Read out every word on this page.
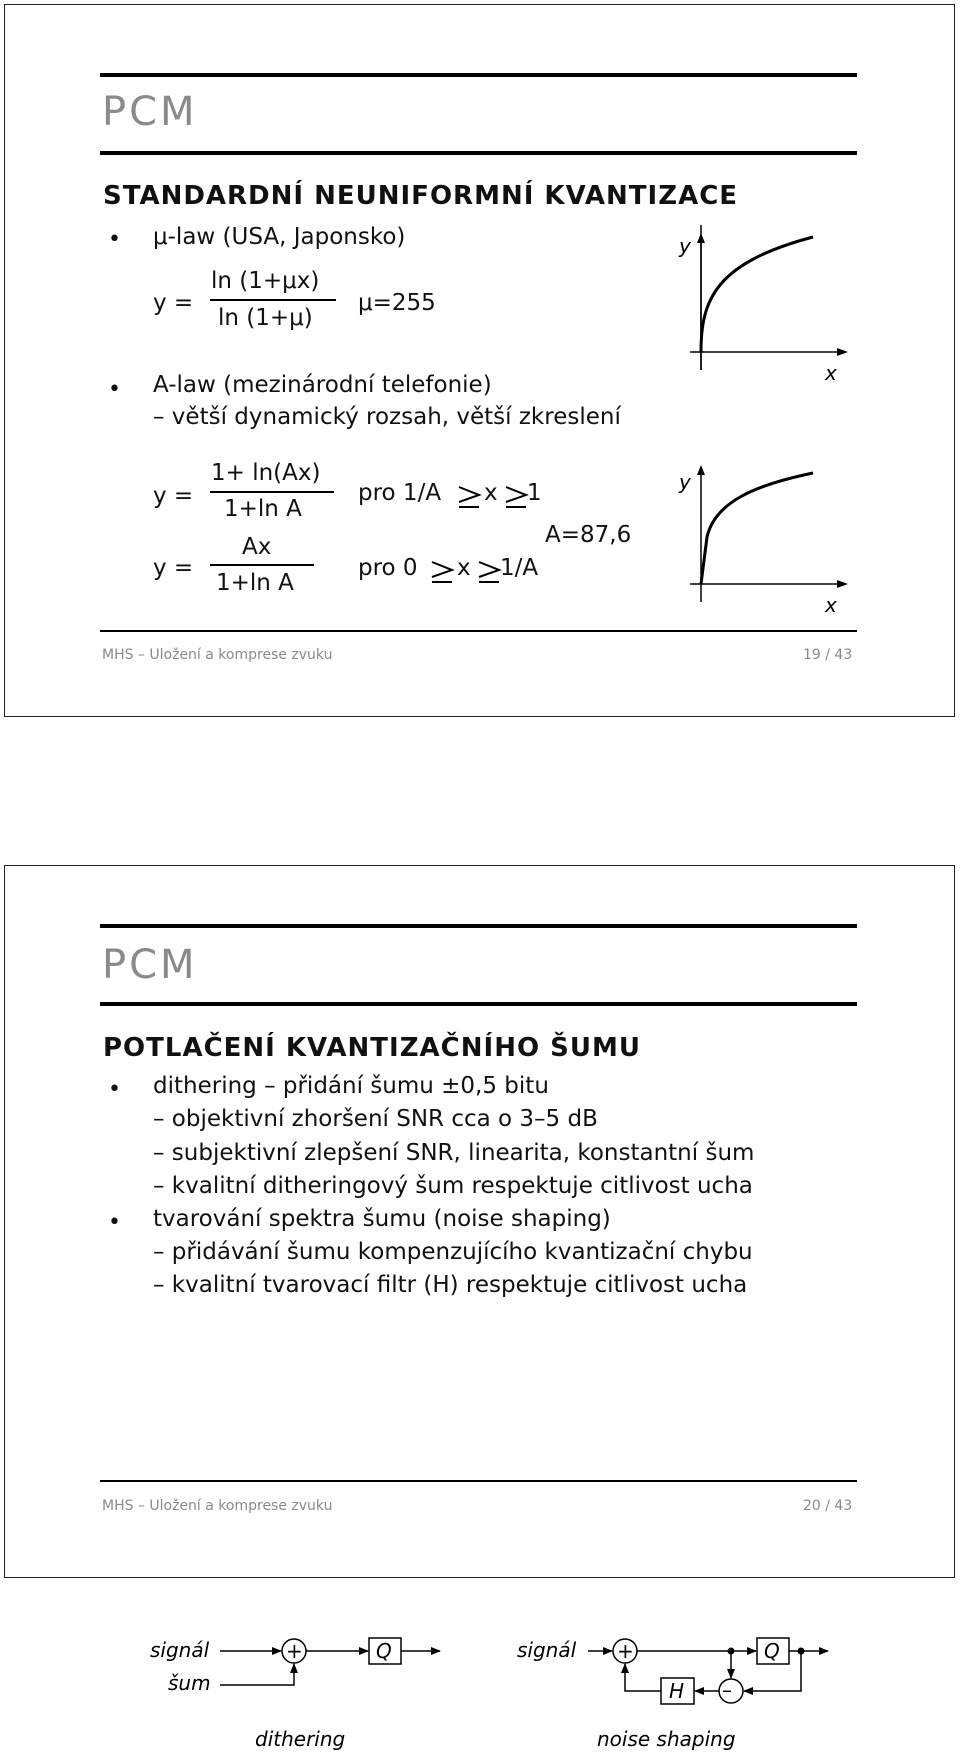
PCM
STANDARDNÍ NEUNIFORMNÍ KVANTIZACE
• μ-law (USA, Japonsko)
y =
ln (1+μx)
ln (1+μ)
μ=255
• A-law (mezinárodní telefonie)
– větší dynamický rozsah, větší zkreslení
y =
1+ ln(Ax)
1+ln A
pro 1/A x 1
A=87,6
y =
Ax
1+ln A
pro 0 x 1/A
y
x
y
x
MHS – Uložení a komprese zvuku	19 / 43
PCM
POTLAČENÍ KVANTIZAČNÍHO ŠUMU
• dithering – přidání šumu ±0,5 bitu
– objektivní zhoršení SNR cca o 3–5 dB
– subjektivní zlepšení SNR, linearita, konstantní šum
– kvalitní ditheringový šum respektuje citlivost ucha
• tvarování spektra šumu (noise shaping)
– přidávání šumu kompenzujícího kvantizační chybu
– kvalitní tvarovací filtr (H) respektuje citlivost ucha
signál
šum
+	Q
dithering
signál +	Q
–
H
noise shaping
MHS – Uložení a komprese zvuku	20 / 43
